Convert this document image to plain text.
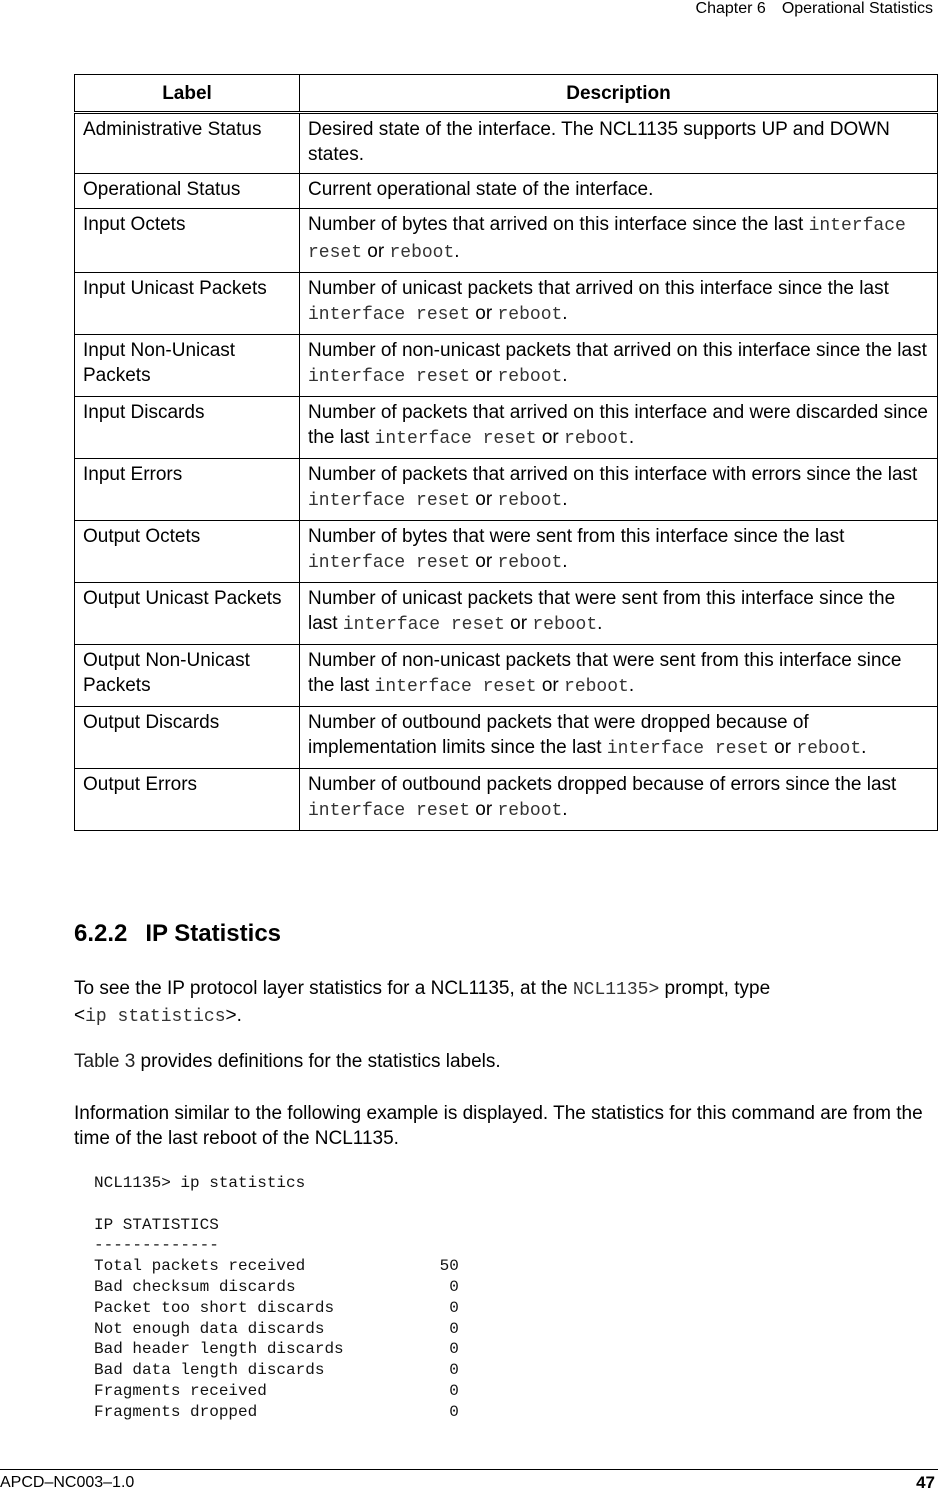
Chapter 6 Operational Statistics
Label	Description
Administrative Status	Desired state of the interface. The NCL1135 supports UP and DOWN states.
Operational Status	Current operational state of the interface.
Input Octets	Number of bytes that arrived on this interface since the last interface reset or reboot.
Input Unicast Packets	Number of unicast packets that arrived on this interface since the last interface reset or reboot.
Input Non-Unicast Packets	Number of non-unicast packets that arrived on this interface since the last interface reset or reboot.
Input Discards	Number of packets that arrived on this interface and were discarded since the last interface reset or reboot.
Input Errors	Number of packets that arrived on this interface with errors since the last interface reset or reboot.
Output Octets	Number of bytes that were sent from this interface since the last interface reset or reboot.
Output Unicast Packets	Number of unicast packets that were sent from this interface since the last interface reset or reboot.
Output Non-Unicast Packets	Number of non-unicast packets that were sent from this interface since the last interface reset or reboot.
Output Discards	Number of outbound packets that were dropped because of implementation limits since the last interface reset or reboot.
Output Errors	Number of outbound packets dropped because of errors since the last interface reset or reboot.
6.2.2 IP Statistics
To see the IP protocol layer statistics for a NCL1135, at the NCL1135> prompt, type
<ip statistics>.
Table 3 provides definitions for the statistics labels.
Information similar to the following example is displayed. The statistics for this command are from the time of the last reboot of the NCL1135.
NCL1135> ip statistics

IP STATISTICS
-------------
Total packets received	50
Bad checksum discards	0
Packet too short discards	0
Not enough data discards	0
Bad header length discards	0
Bad data length discards	0
Fragments received	0
Fragments dropped	0
APCD–NC003–1.0	47
